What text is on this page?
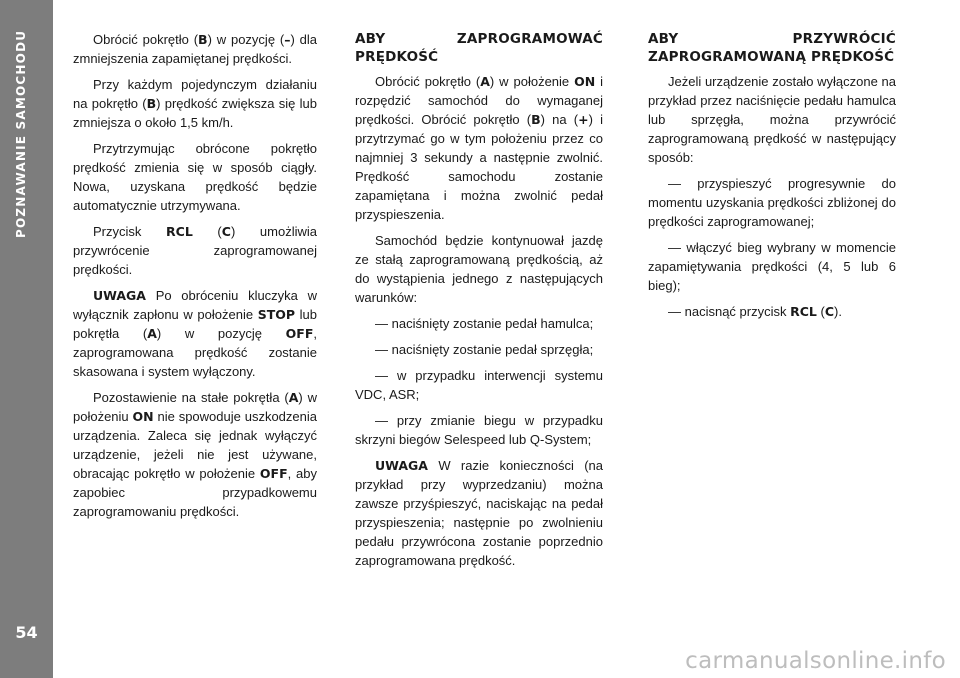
POZNAWANIE SAMOCHODU
54

Obrócić pokrętło (B) w pozycję (–) dla zmniejszenia zapamiętanej prędkości.

Przy każdym pojedynczym działaniu na pokrętło (B) prędkość zwiększa się lub zmniejsza o około 1,5 km/h.

Przytrzymując obrócone pokrętło prędkość zmienia się w sposób ciągły. Nowa, uzyskana prędkość będzie automatycznie utrzymywana.

Przycisk RCL (C) umożliwia przywrócenie zaprogramowanej prędkości.

UWAGA Po obróceniu kluczyka w wyłącznik zapłonu w położenie STOP lub pokrętła (A) w pozycję OFF, zaprogramowana prędkość zostanie skasowana i system wyłączony.

Pozostawienie na stałe pokrętła (A) w położeniu ON nie spowoduje uszkodzenia urządzenia. Zaleca się jednak wyłączyć urządzenie, jeżeli nie jest używane, obracając pokrętło w położenie OFF, aby zapobiec przypadkowemu zaprogramowaniu prędkości.

ABY ZAPROGRAMOWAĆ PRĘDKOŚĆ

Obrócić pokrętło (A) w położenie ON i rozpędzić samochód do wymaganej prędkości. Obrócić pokrętło (B) na (+) i przytrzymać go w tym położeniu przez co najmniej 3 sekundy a następnie zwolnić. Prędkość samochodu zostanie zapamiętana i można zwolnić pedał przyspieszenia.

Samochód będzie kontynuował jazdę ze stałą zaprogramowaną prędkością, aż do wystąpienia jednego z następujących warunków:

— naciśnięty zostanie pedał hamulca;

— naciśnięty zostanie pedał sprzęgła;

— w przypadku interwencji systemu VDC, ASR;

— przy zmianie biegu w przypadku skrzyni biegów Selespeed lub Q-System;

UWAGA W razie konieczności (na przykład przy wyprzedzaniu) można zawsze przyśpieszyć, naciskając na pedał przyspieszenia; następnie po zwolnieniu pedału przywrócona zostanie poprzednio zaprogramowana prędkość.

ABY PRZYWRÓCIĆ ZAPROGRAMOWANĄ PRĘDKOŚĆ

Jeżeli urządzenie zostało wyłączone na przykład przez naciśnięcie pedału hamulca lub sprzęgła, można przywrócić zaprogramowaną prędkość w następujący sposób:

— przyspieszyć progresywnie do momentu uzyskania prędkości zbliżonej do prędkości zaprogramowanej;

— włączyć bieg wybrany w momencie zapamiętywania prędkości (4, 5 lub 6 bieg);

— nacisnąć przycisk RCL (C).

carmanualsonline.info
